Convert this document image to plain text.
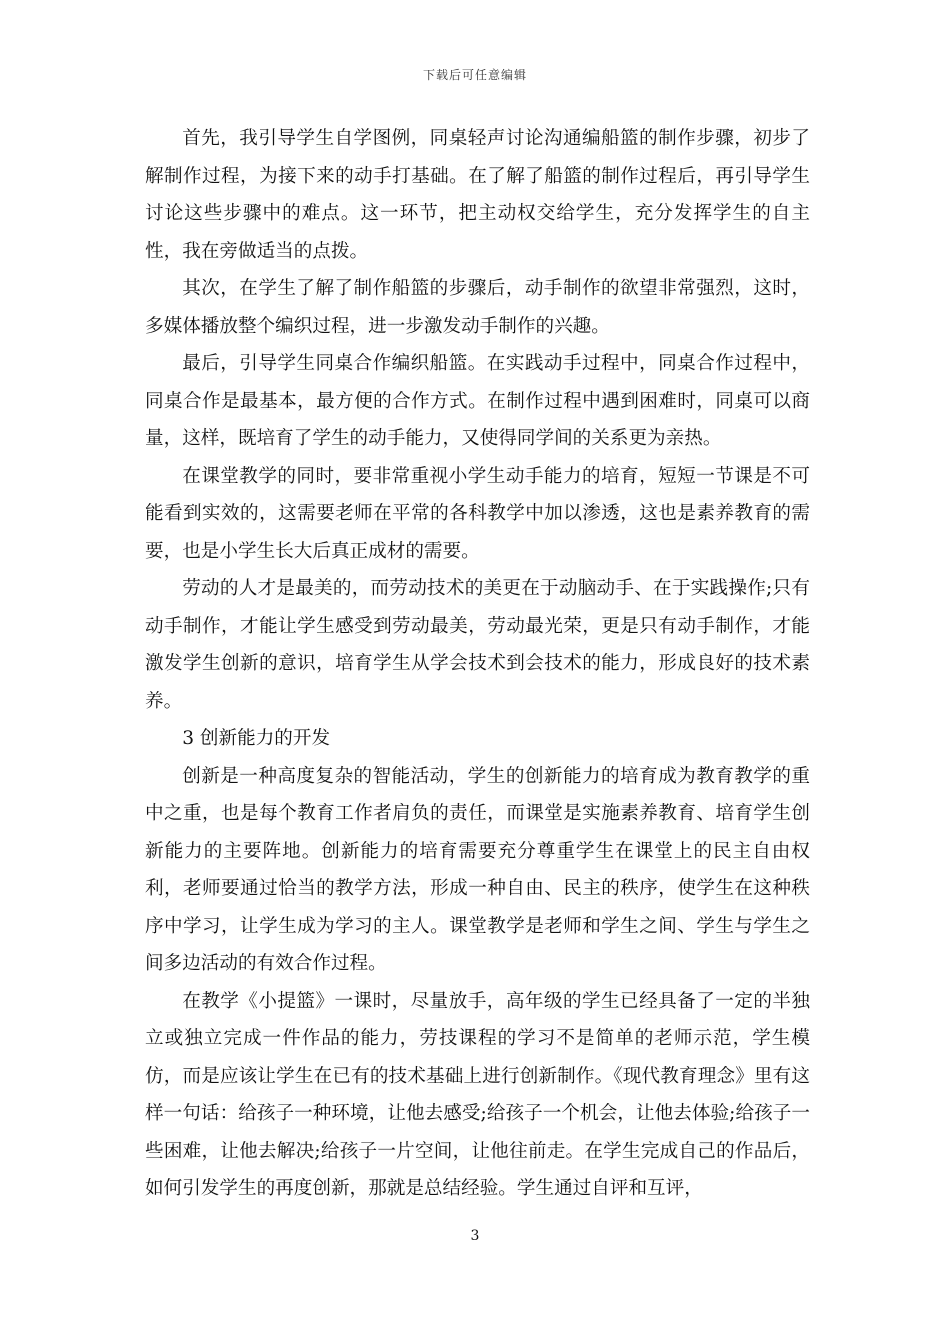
下载后可任意编辑

首先，我引导学生自学图例，同桌轻声讨论沟通编船篮的制作步骤，初步了解制作过程，为接下来的动手打基础。在了解了船篮的制作过程后，再引导学生讨论这些步骤中的难点。这一环节，把主动权交给学生，充分发挥学生的自主性，我在旁做适当的点拨。

其次，在学生了解了制作船篮的步骤后，动手制作的欲望非常强烈，这时，多媒体播放整个编织过程，进一步激发动手制作的兴趣。

最后，引导学生同桌合作编织船篮。在实践动手过程中，同桌合作过程中，同桌合作是最基本，最方便的合作方式。在制作过程中遇到困难时，同桌可以商量，这样，既培育了学生的动手能力，又使得同学间的关系更为亲热。

在课堂教学的同时，要非常重视小学生动手能力的培育，短短一节课是不可能看到实效的，这需要老师在平常的各科教学中加以渗透，这也是素养教育的需要，也是小学生长大后真正成材的需要。

劳动的人才是最美的，而劳动技术的美更在于动脑动手、在于实践操作;只有动手制作，才能让学生感受到劳动最美，劳动最光荣，更是只有动手制作，才能激发学生创新的意识，培育学生从学会技术到会技术的能力，形成良好的技术素养。

3 创新能力的开发

创新是一种高度复杂的智能活动，学生的创新能力的培育成为教育教学的重中之重，也是每个教育工作者肩负的责任，而课堂是实施素养教育、培育学生创新能力的主要阵地。创新能力的培育需要充分尊重学生在课堂上的民主自由权利，老师要通过恰当的教学方法，形成一种自由、民主的秩序，使学生在这种秩序中学习，让学生成为学习的主人。课堂教学是老师和学生之间、学生与学生之间多边活动的有效合作过程。

在教学《小提篮》一课时，尽量放手，高年级的学生已经具备了一定的半独立或独立完成一件作品的能力，劳技课程的学习不是简单的老师示范，学生模仿，而是应该让学生在已有的技术基础上进行创新制作。《现代教育理念》里有这样一句话：给孩子一种环境，让他去感受;给孩子一个机会，让他去体验;给孩子一些困难，让他去解决;给孩子一片空间，让他往前走。在学生完成自己的作品后，如何引发学生的再度创新，那就是总结经验。学生通过自评和互评，

3
